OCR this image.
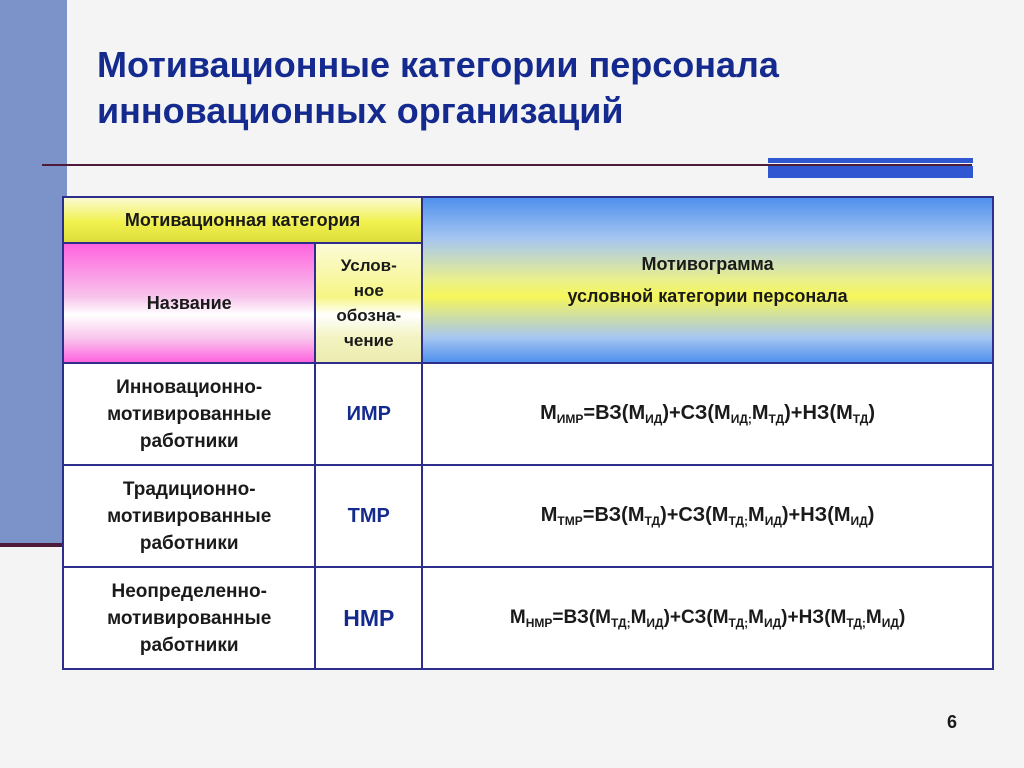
Мотивационные категории персонала
инновационных организаций
Мотивационная категория		Мотивограмма
условной категории персонала
Название	Услов-
ное
обозна-
чение	
Инновационно-
мотивированные
работники	ИМР	$М_{ИМР}=ВЗ(М_{ИД})+СЗ(М_{ИД;}М_{ТД})+НЗ(М_{ТД})$
Традиционно-
мотивированные
работники	ТМР	$М_{ТМР}=ВЗ(М_{ТД})+СЗ(М_{ТД;}М_{ИД})+НЗ(М_{ИД})$
Неопределенно-
мотивированные
работники	НМР	$М_{НМР}=ВЗ(М_{ТД;}М_{ИД})+СЗ(М_{ТД;}М_{ИД})+НЗ(М_{ТД;}М_{ИД})$
6
